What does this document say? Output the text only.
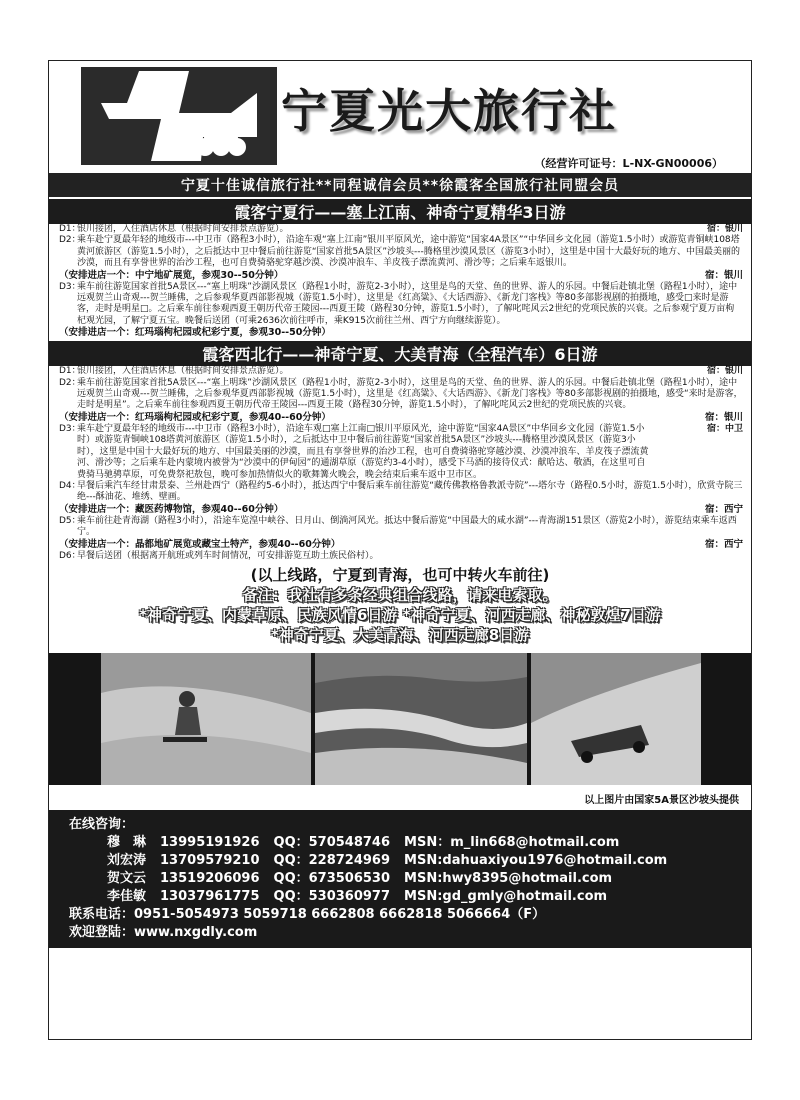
宁夏光大旅行社
（经营许可证号：L-NX-GN00006）
宁夏十佳诚信旅行社**同程诚信会员**徐霞客全国旅行社同盟会员
霞客宁夏行——塞上江南、神奇宁夏精华3日游
D1：
银川接团，入住酒店休息（根据时间安排景点游览）。	宿：银川
D2：
乘车赴宁夏最年轻的地级市---中卫市（路程3小时），沿途车观“塞上江南”银川平原风光，途中游览“国家4A景区”“中华回乡文化园（游览1.5小时）或游览青铜峡108塔黄河旅游区（游览1.5小时），之后抵达中卫中餐后前往游览“国家首批5A景区”沙坡头---腾格里沙漠风景区（游览3小时），这里是中国十大最好玩的地方、中国最美丽的沙漠，而且有享誉世界的治沙工程，也可自费骑骆驼穿越沙漠、沙漠冲浪车、羊皮筏子漂流黄河、滑沙等；之后乘车返银川。
（安排进店一个：中宁地矿展览，参观30--50分钟）	宿：银川
D3：
乘车前往游览国家首批5A景区---“塞上明珠”沙湖风景区（路程1小时，游览2-3小时），这里是鸟的天堂、鱼的世界、游人的乐园。中餐后赴镇北堡（路程1小时），途中远观贺兰山奇观---贺兰睡佛，之后参观华夏西部影视城（游览1.5小时），这里是《红高粱》、《大话西游》、《新龙门客栈》等80多部影视剧的拍摄地，感受□来时是游客，走时是明星□。之后乘车前往参观西夏王朝历代帝王陵园---西夏王陵（路程30分钟，游览1.5小时），了解叱咤风云2世纪的党项民族的兴衰。之后参观宁夏万亩枸杞观光园，了解宁夏五宝。晚餐后送团（可乘2636次前往呼市，乘K915次前往兰州、西宁方向继续游览）。
（安排进店一个：红玛瑙枸杞园或杞彩宁夏，参观30--50分钟）
霞客西北行——神奇宁夏、大美青海（全程汽车）6日游
D1：
银川接团，入住酒店休息（根据时间安排景点游览）。	宿：银川
D2：
乘车前往游览国家首批5A景区---“塞上明珠”沙湖风景区（路程1小时，游览2-3小时），这里是鸟的天堂、鱼的世界、游人的乐园。中餐后赴镇北堡（路程1小时），途中远观贺兰山奇观---贺兰睡佛，之后参观华夏西部影视城（游览1.5小时），这里是《红高粱》、《大话西游》、《新龙门客栈》等80多部影视剧的拍摄地，感受“来时是游客，走时是明星”。之后乘车前往参观西夏王朝历代帝王陵园---西夏王陵（路程30分钟，游览1.5小时），了解叱咤风云2世纪的党项民族的兴衰。
（安排进店一个：红玛瑙枸杞园或杞彩宁夏，参观40--60分钟）	宿：银川
D3：
乘车赴宁夏最年轻的地级市---中卫市（路程3小时），沿途车观□塞上江南□银川平原风光，途中游览“国家4A景区”中华回乡文化园（游览1.5小时）或游览青铜峡108塔黄河旅游区（游览1.5小时），之后抵达中卫中餐后前往游览“国家首批5A景区”沙坡头---腾格里沙漠风景区（游览3小时），这里是中国十大最好玩的地方、中国最美丽的沙漠，而且有享誉世界的治沙工程，也可自费骑骆驼穿越沙漠、沙漠冲浪车、羊皮筏子漂流黄河、滑沙等；之后乘车赴内蒙境内被誉为“沙漠中的伊甸园”的通湖草原（游览约3-4小时），感受下马酒的接待仪式：献哈达、敬酒，在这里可自费骑马驰骋草原，可免费祭祀敖包，晚可参加热情似火的歌舞篝火晚会，晚会结束后乘车返中卫市区。
宿：中卫
D4：
早餐后乘汽车经甘肃景泰、兰州赴西宁（路程约5-6小时），抵达西宁中餐后乘车前往游览“藏传佛教格鲁教派寺院”---塔尔寺（路程0.5小时，游览1.5小时），欣赏寺院三绝---酥油花、堆绣、壁画。
（安排进店一个：藏医药博物馆，参观40--60分钟）	宿：西宁
D5：
乘车前往赴青海湖（路程3小时），沿途车览湟中峡谷、日月山、倒淌河风光。抵达中餐后游览“中国最大的咸水湖”---青海湖151景区（游览2小时），游览结束乘车返西宁。
（安排进店一个：晶都地矿展览或藏宝土特产，参观40--60分钟）	宿：西宁
D6：
早餐后送团（根据离开航班或列车时间情况，可安排游览互助土族民俗村）。
(以上线路，宁夏到青海，也可中转火车前往)
备注：我社有多条经典组合线路，请来电索取。
*神奇宁夏、内蒙草原、民族风情6日游 *神奇宁夏、河西走廊、神秘敦煌7日游
*神奇宁夏、大美青海、河西走廊8日游
以上图片由国家5A景区沙坡头提供
在线咨询：
穆　琳 13995191926 QQ：570548746 MSN：m_lin668@hotmail.com
刘宏涛 13709579210 QQ：228724969 MSN:dahuaxiyou1976@hotmail.com
贺文云 13519206096 QQ：673506530 MSN:hwy8395@hotmail.com
李佳敏 13037961775 QQ：530360977 MSN:gd_gmly@hotmail.com
联系电话：0951-5054973 5059718 6662808 6662818 5066664（F）
欢迎登陆：www.nxgdly.com
